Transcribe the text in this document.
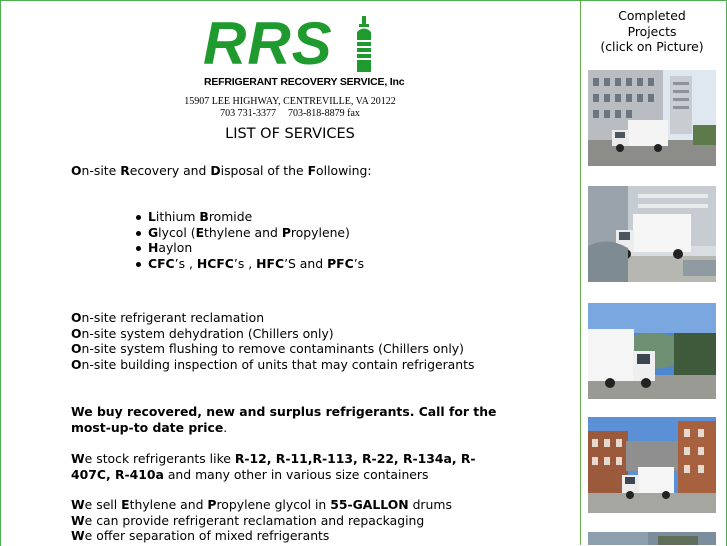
RRS
REFRIGERANT RECOVERY SERVICE, Inc
15907 LEE HIGHWAY, CENTREVILLE, VA 20122
703 731-3377 703-818-8879 fax
LIST OF SERVICES
On-site Recovery and Disposal of the Following:
Lithium Bromide
Glycol (Ethylene and Propylene)
Haylon
CFC’s , HCFC’s , HFC’S and PFC’s
On-site refrigerant reclamation
On-site system dehydration (Chillers only)
On-site system flushing to remove contaminants (Chillers only)
On-site building inspection of units that may contain refrigerants
We buy recovered, new and surplus refrigerants. Call for the most-up-to date price.
We stock refrigerants like R-12, R-11,R-113, R-22, R-134a, R-407C, R-410a and many other in various size containers
We sell Ethylene and Propylene glycol in 55-GALLON drums
We can provide refrigerant reclamation and repackaging
We offer separation of mixed refrigerants
Completed
Projects
(click on Picture)
